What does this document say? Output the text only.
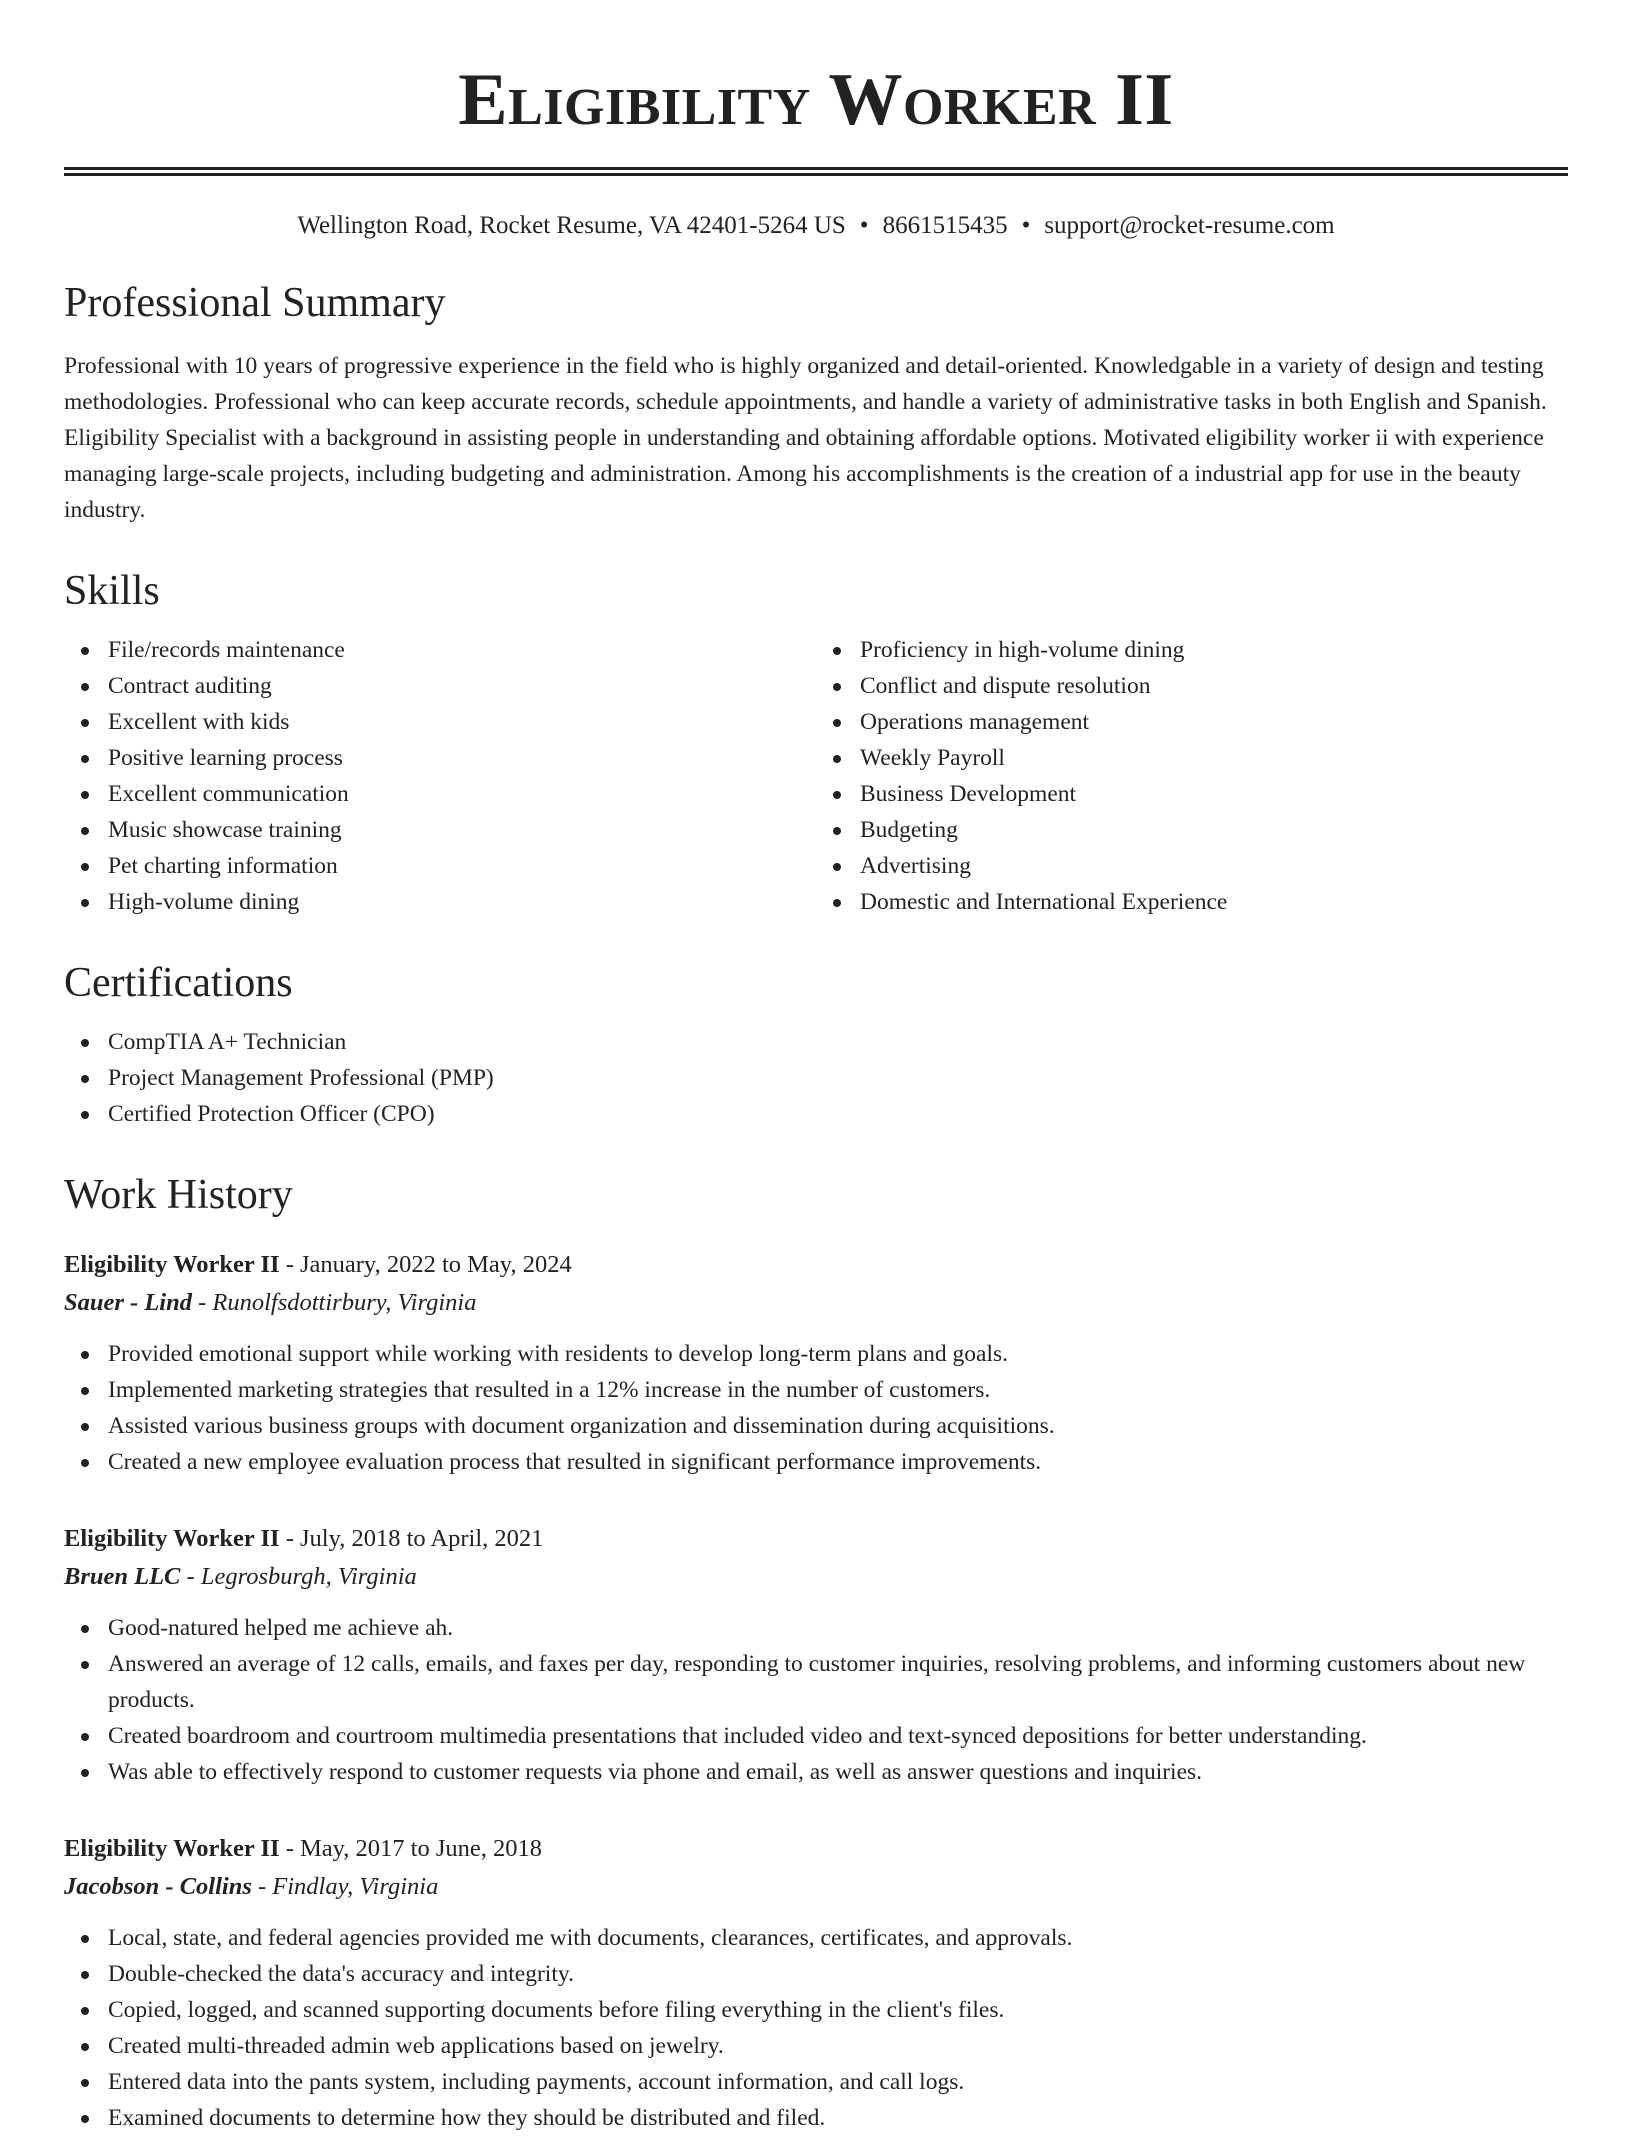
Eligibility Worker II
Wellington Road, Rocket Resume, VA 42401-5264 US • 8661515435 • support@rocket-resume.com
Professional Summary
Professional with 10 years of progressive experience in the field who is highly organized and detail-oriented. Knowledgable in a variety of design and testing methodologies. Professional who can keep accurate records, schedule appointments, and handle a variety of administrative tasks in both English and Spanish. Eligibility Specialist with a background in assisting people in understanding and obtaining affordable options. Motivated eligibility worker ii with experience managing large-scale projects, including budgeting and administration. Among his accomplishments is the creation of a industrial app for use in the beauty industry.
Skills
File/records maintenance
Contract auditing
Excellent with kids
Positive learning process
Excellent communication
Music showcase training
Pet charting information
High-volume dining
Proficiency in high-volume dining
Conflict and dispute resolution
Operations management
Weekly Payroll
Business Development
Budgeting
Advertising
Domestic and International Experience
Certifications
CompTIA A+ Technician
Project Management Professional (PMP)
Certified Protection Officer (CPO)
Work History
Eligibility Worker II - January, 2022 to May, 2024
Sauer - Lind - Runolfsdottirbury, Virginia
Provided emotional support while working with residents to develop long-term plans and goals.
Implemented marketing strategies that resulted in a 12% increase in the number of customers.
Assisted various business groups with document organization and dissemination during acquisitions.
Created a new employee evaluation process that resulted in significant performance improvements.
Eligibility Worker II - July, 2018 to April, 2021
Bruen LLC - Legrosburgh, Virginia
Good-natured helped me achieve ah.
Answered an average of 12 calls, emails, and faxes per day, responding to customer inquiries, resolving problems, and informing customers about new products.
Created boardroom and courtroom multimedia presentations that included video and text-synced depositions for better understanding.
Was able to effectively respond to customer requests via phone and email, as well as answer questions and inquiries.
Eligibility Worker II - May, 2017 to June, 2018
Jacobson - Collins - Findlay, Virginia
Local, state, and federal agencies provided me with documents, clearances, certificates, and approvals.
Double-checked the data's accuracy and integrity.
Copied, logged, and scanned supporting documents before filing everything in the client's files.
Created multi-threaded admin web applications based on jewelry.
Entered data into the pants system, including payments, account information, and call logs.
Examined documents to determine how they should be distributed and filed.
